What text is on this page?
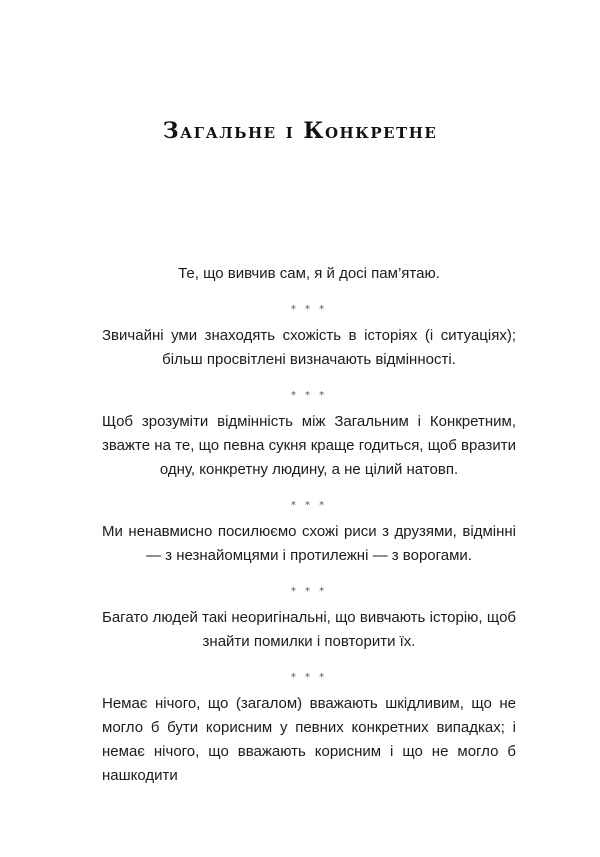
Загальне і Конкретне

Те, що вивчив сам, я й досі пам’ятаю.

* * *

Звичайні уми знаходять схожість в історіях (і ситуаціях); більш просвітлені визначають відмінності.

* * *

Щоб зрозуміти відмінність між Загальним і Конкретним, зважте на те, що певна сукня краще годиться, щоб вразити одну, конкретну людину, а не цілий натовп.

* * *

Ми ненавмисно посилюємо схожі риси з друзями, відмінні — з незнайомцями і протилежні — з ворогами.

* * *

Багато людей такі неоригінальні, що вивчають історію, щоб знайти помилки і повторити їх.

* * *

Немає нічого, що (загалом) вважають шкідливим, що не могло б бути корисним у певних конкретних випадках; і немає нічого, що вважають корисним і що не могло б нашкодити
